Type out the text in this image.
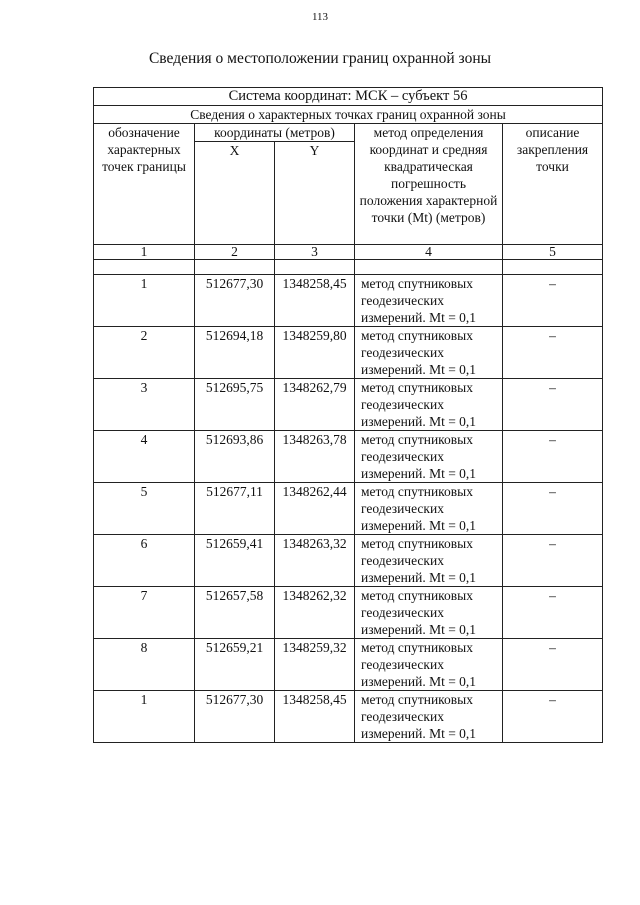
113
Сведения о местоположении границ охранной зоны
Система координат: МСК – субъект 56				
Сведения о характерных точках границ охранной зоны				
обозначение характерных точек границы	координаты (метров)		метод определения координат и средняя квадратическая погрешность положения характерной точки (Mt) (метров)	описание закрепления точки
	X	Y		
1	2	3	4	5

1	512677,30	1348258,45	метод спутниковых геодезических измерений. Mt = 0,1	–
2	512694,18	1348259,80	метод спутниковых геодезических измерений. Mt = 0,1	–
3	512695,75	1348262,79	метод спутниковых геодезических измерений. Mt = 0,1	–
4	512693,86	1348263,78	метод спутниковых геодезических измерений. Mt = 0,1	–
5	512677,11	1348262,44	метод спутниковых геодезических измерений. Mt = 0,1	–
6	512659,41	1348263,32	метод спутниковых геодезических измерений. Mt = 0,1	–
7	512657,58	1348262,32	метод спутниковых геодезических измерений. Mt = 0,1	–
8	512659,21	1348259,32	метод спутниковых геодезических измерений. Mt = 0,1	–
1	512677,30	1348258,45	метод спутниковых геодезических измерений. Mt = 0,1	–
